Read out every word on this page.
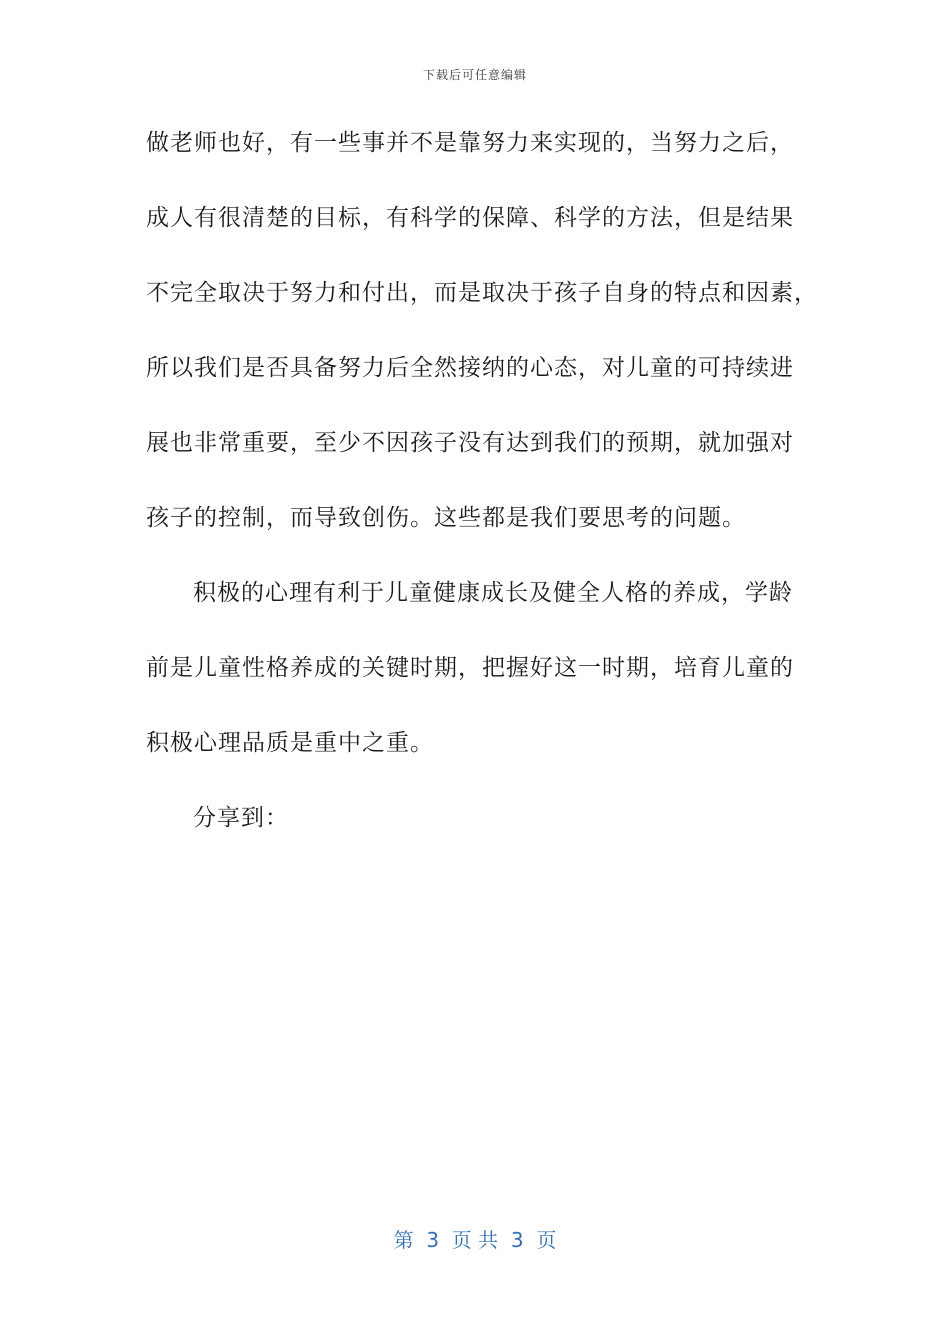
下载后可任意编辑
做老师也好，有一些事并不是靠努力来实现的，当努力之后，
成人有很清楚的目标，有科学的保障、科学的方法，但是结果
不完全取决于努力和付出，而是取决于孩子自身的特点和因素，
所以我们是否具备努力后全然接纳的心态，对儿童的可持续进
展也非常重要，至少不因孩子没有达到我们的预期，就加强对
孩子的控制，而导致创伤。这些都是我们要思考的问题。
积极的心理有利于儿童健康成长及健全人格的养成，学龄
前是儿童性格养成的关键时期，把握好这一时期，培育儿童的
积极心理品质是重中之重。
分享到：
第  3  页 共  3  页
